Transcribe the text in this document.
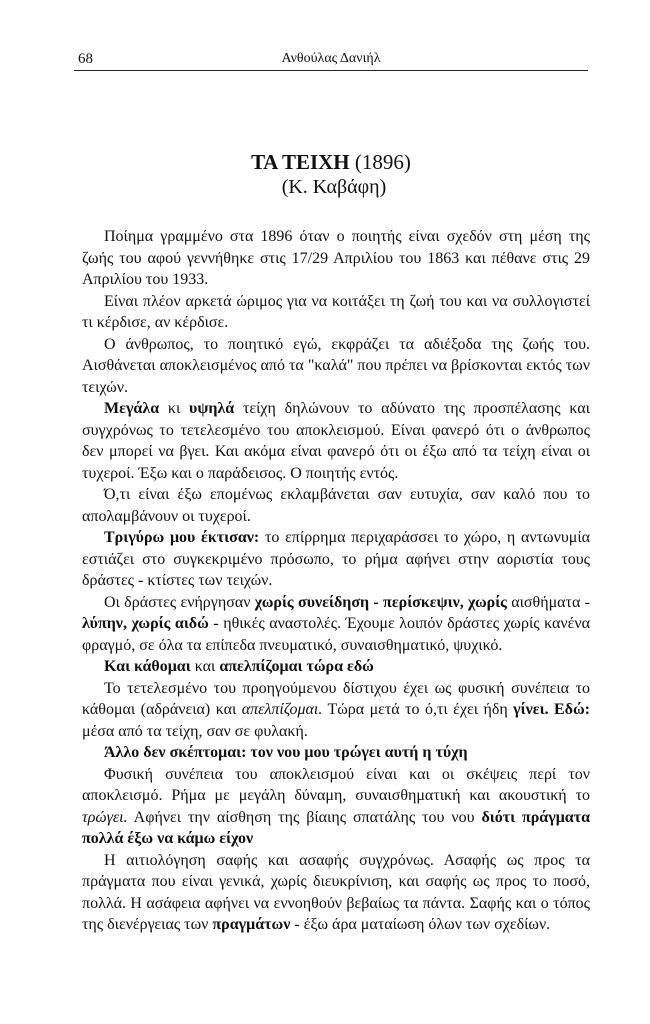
68	Ανθούλας Δανιήλ
ΤΑ ΤΕΙΧΗ (1896)
(Κ. Καβάφη)

Ποίημα γραμμένο στα 1896 όταν ο ποιητής είναι σχεδόν στη μέση της ζωής του αφού γεννήθηκε στις 17/29 Απριλίου του 1863 και πέθανε στις 29 Απριλίου του 1933.

Είναι πλέον αρκετά ώριμος για να κοιτάξει τη ζωή του και να συλλογιστεί τι κέρδισε, αν κέρδισε.

Ο άνθρωπος, το ποιητικό εγώ, εκφράζει τα αδιέξοδα της ζωής του. Αισθάνεται αποκλεισμένος από τα "καλά" που πρέπει να βρίσκονται εκτός των τειχών.

Μεγάλα κι υψηλά τείχη δηλώνουν το αδύνατο της προσπέλασης και συγχρόνως το τετελεσμένο του αποκλεισμού. Είναι φανερό ότι ο άνθρωπος δεν μπορεί να βγει. Και ακόμα είναι φανερό ότι οι έξω από τα τείχη είναι οι τυχεροί. Έξω και ο παράδεισος. Ο ποιητής εντός.

Ό,τι είναι έξω επομένως εκλαμβάνεται σαν ευτυχία, σαν καλό που το απολαμβάνουν οι τυχεροί.

Τριγύρω μου έκτισαν: το επίρρημα περιχαράσσει το χώρο, η αντωνυμία εστιάζει στο συγκεκριμένο πρόσωπο, το ρήμα αφήνει στην αοριστία τους δράστες - κτίστες των τειχών.

Οι δράστες ενήργησαν χωρίς συνείδηση - περίσκεψιν, χωρίς αισθήματα - λύπην, χωρίς αιδώ - ηθικές αναστολές. Έχουμε λοιπόν δράστες χωρίς κανένα φραγμό, σε όλα τα επίπεδα πνευματικό, συναισθηματικό, ψυχικό.

Και κάθομαι και απελπίζομαι τώρα εδώ

Το τετελεσμένο του προηγούμενου δίστιχου έχει ως φυσική συνέπεια το κάθομαι (αδράνεια) και απελπίζομαι. Τώρα μετά το ό,τι έχει ήδη γίνει. Εδώ: μέσα από τα τείχη, σαν σε φυλακή.

Άλλο δεν σκέπτομαι: τον νου μου τρώγει αυτή η τύχη

Φυσική συνέπεια του αποκλεισμού είναι και οι σκέψεις περί τον αποκλεισμό. Ρήμα με μεγάλη δύναμη, συναισθηματική και ακουστική το τρώγει. Αφήνει την αίσθηση της βίαιης σπατάλης του νου διότι πράγματα πολλά έξω να κάμω είχον

Η αιτιολόγηση σαφής και ασαφής συγχρόνως. Ασαφής ως προς τα πράγματα που είναι γενικά, χωρίς διευκρίνιση, και σαφής ως προς το ποσό, πολλά. Η ασάφεια αφήνει να εννοηθούν βεβαίως τα πάντα. Σαφής και ο τόπος της διενέργειας των πραγμάτων - έξω άρα ματαίωση όλων των σχεδίων.
